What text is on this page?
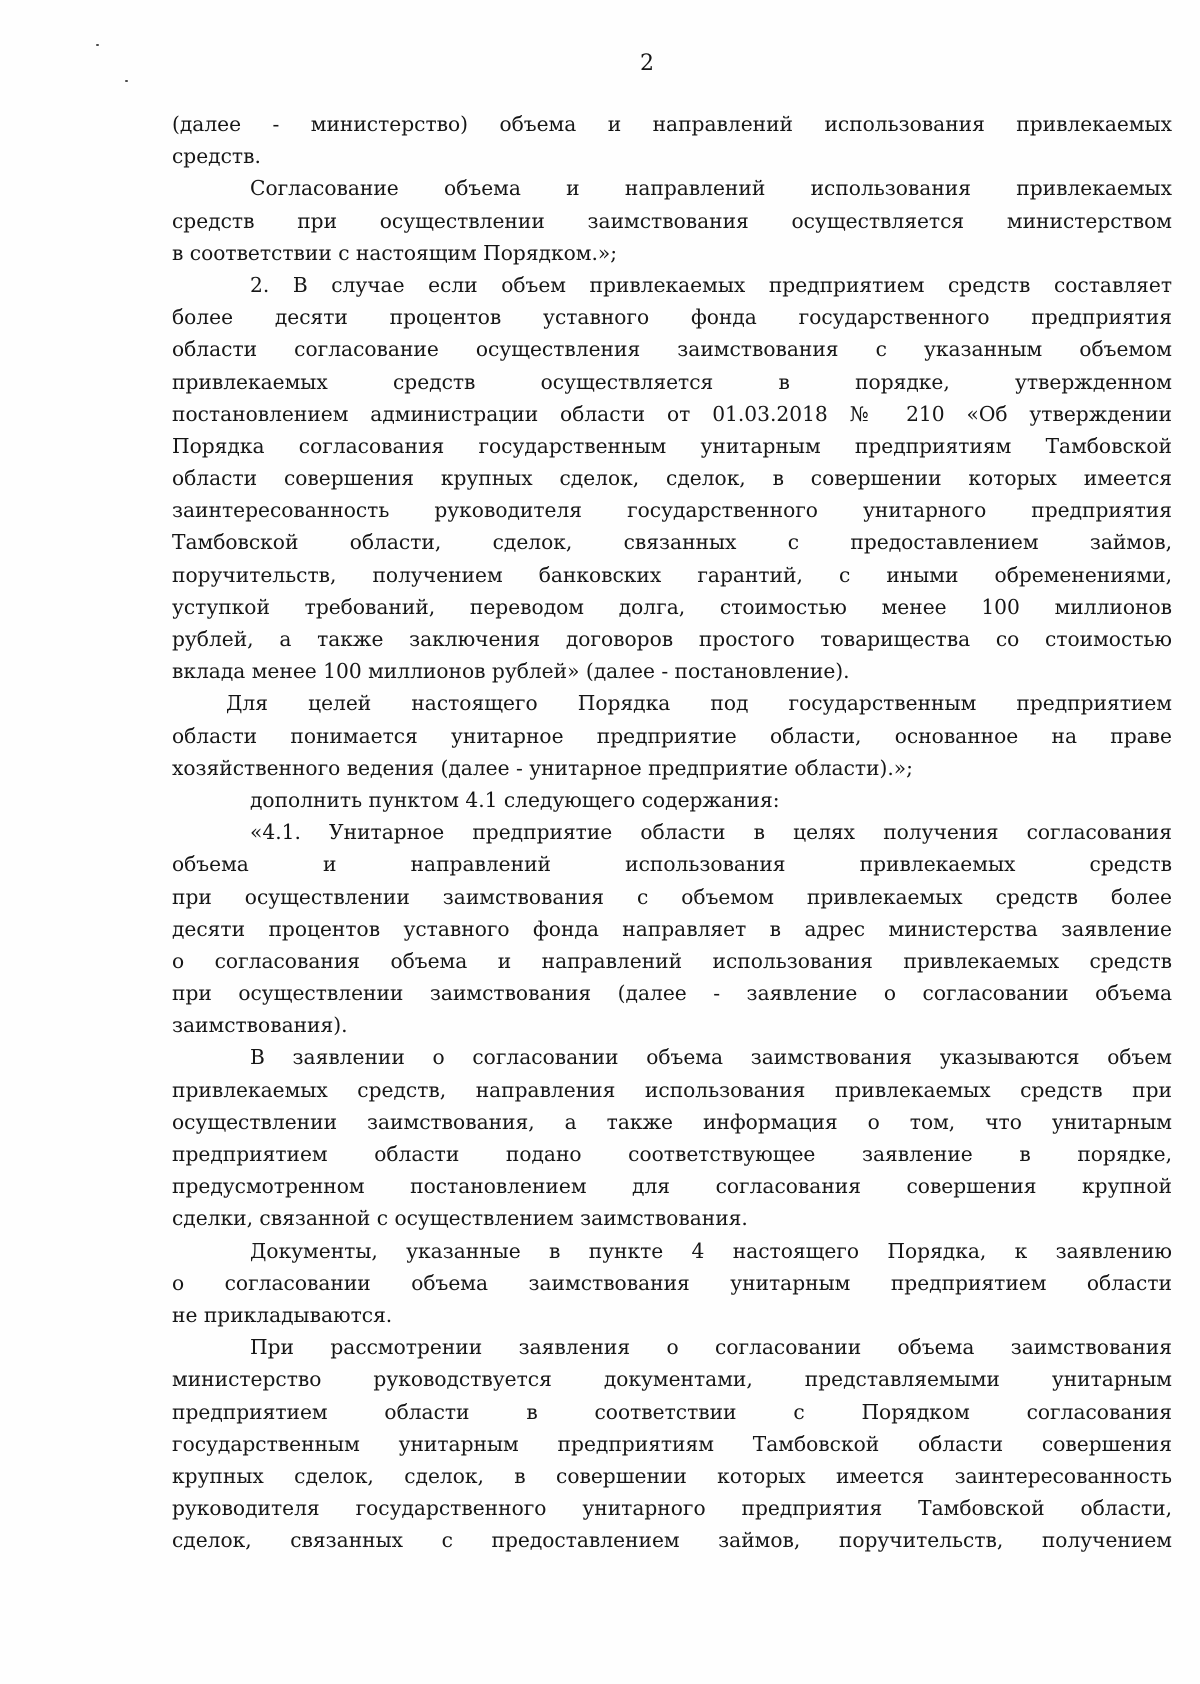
2
(далее - министерство) объема и направлений использования привлекаемых
средств.
Согласование объема и направлений использования привлекаемых
средств при осуществлении заимствования осуществляется министерством
в соответствии с настоящим Порядком.»;
2. В случае если объем привлекаемых предприятием средств составляет
более десяти процентов уставного фонда государственного предприятия
области согласование осуществления заимствования с указанным объемом
привлекаемых средств осуществляется в порядке, утвержденном
постановлением администрации области от 01.03.2018 № 210 «Об утверждении
Порядка согласования государственным унитарным предприятиям Тамбовской
области совершения крупных сделок, сделок, в совершении которых имеется
заинтересованность руководителя государственного унитарного предприятия
Тамбовской области, сделок, связанных с предоставлением займов,
поручительств, получением банковских гарантий, с иными обременениями,
уступкой требований, переводом долга, стоимостью менее 100 миллионов
рублей, а также заключения договоров простого товарищества со стоимостью
вклада менее 100 миллионов рублей» (далее - постановление).
Для целей настоящего Порядка под государственным предприятием
области понимается унитарное предприятие области, основанное на праве
хозяйственного ведения (далее - унитарное предприятие области).»;
дополнить пунктом 4.1 следующего содержания:
«4.1. Унитарное предприятие области в целях получения согласования
объема и направлений использования привлекаемых средств
при осуществлении заимствования с объемом привлекаемых средств более
десяти процентов уставного фонда направляет в адрес министерства заявление
о согласования объема и направлений использования привлекаемых средств
при осуществлении заимствования (далее - заявление о согласовании объема
заимствования).
В заявлении о согласовании объема заимствования указываются объем
привлекаемых средств, направления использования привлекаемых средств при
осуществлении заимствования, а также информация о том, что унитарным
предприятием области подано соответствующее заявление в порядке,
предусмотренном постановлением для согласования совершения крупной
сделки, связанной с осуществлением заимствования.
Документы, указанные в пункте 4 настоящего Порядка, к заявлению
о согласовании объема заимствования унитарным предприятием области
не прикладываются.
При рассмотрении заявления о согласовании объема заимствования
министерство руководствуется документами, представляемыми унитарным
предприятием области в соответствии с Порядком согласования
государственным унитарным предприятиям Тамбовской области совершения
крупных сделок, сделок, в совершении которых имеется заинтересованность
руководителя государственного унитарного предприятия Тамбовской области,
сделок, связанных с предоставлением займов, поручительств, получением
